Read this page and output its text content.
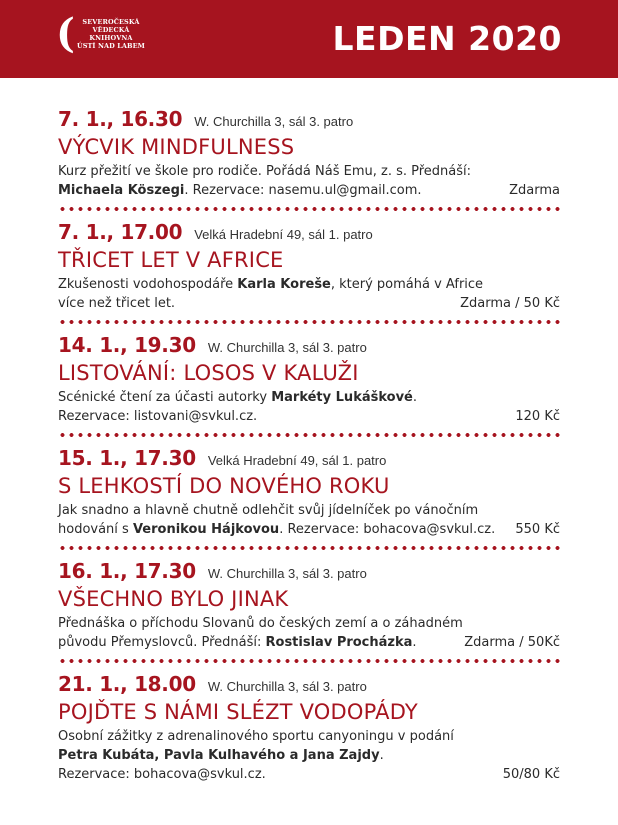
(	SEVEROČESKÁ
VĚDECKÁ
KNIHOVNA
ÚSTÍ NAD LABEM	LEDEN 2020
7. 1., 16.30 W. Churchilla 3, sál 3. patro
VÝCVIK MINDFULNESS
Kurz přežití ve škole pro rodiče. Pořádá Náš Emu, z. s. Přednáší:
Michaela Köszegi. Rezervace: nasemu.ul@gmail.com.	Zdarma
7. 1., 17.00 Velká Hradební 49, sál 1. patro
TŘICET LET V AFRICE
Zkušenosti vodohospodáře Karla Koreše, který pomáhá v Africe
více než třicet let.	Zdarma / 50 Kč
14. 1., 19.30 W. Churchilla 3, sál 3. patro
LISTOVÁNÍ: LOSOS V KALUŽI
Scénické čtení za účasti autorky Markéty Lukáškové.
Rezervace: listovani@svkul.cz.	120 Kč
15. 1., 17.30 Velká Hradební 49, sál 1. patro
S LEHKOSTÍ DO NOVÉHO ROKU
Jak snadno a hlavně chutně odlehčit svůj jídelníček po vánočním
hodování s Veronikou Hájkovou. Rezervace: bohacova@svkul.cz. 550 Kč
16. 1., 17.30 W. Churchilla 3, sál 3. patro
VŠECHNO BYLO JINAK
Přednáška o příchodu Slovanů do českých zemí a o záhadném
původu Přemyslovců. Přednáší: Rostislav Procházka.	Zdarma / 50Kč
21. 1., 18.00 W. Churchilla 3, sál 3. patro
POJĎTE S NÁMI SLÉZT VODOPÁDY
Osobní zážitky z adrenalinového sportu canyoningu v podání
Petra Kubáta, Pavla Kulhavého a Jana Zajdy.
Rezervace: bohacova@svkul.cz.	50/80 Kč
